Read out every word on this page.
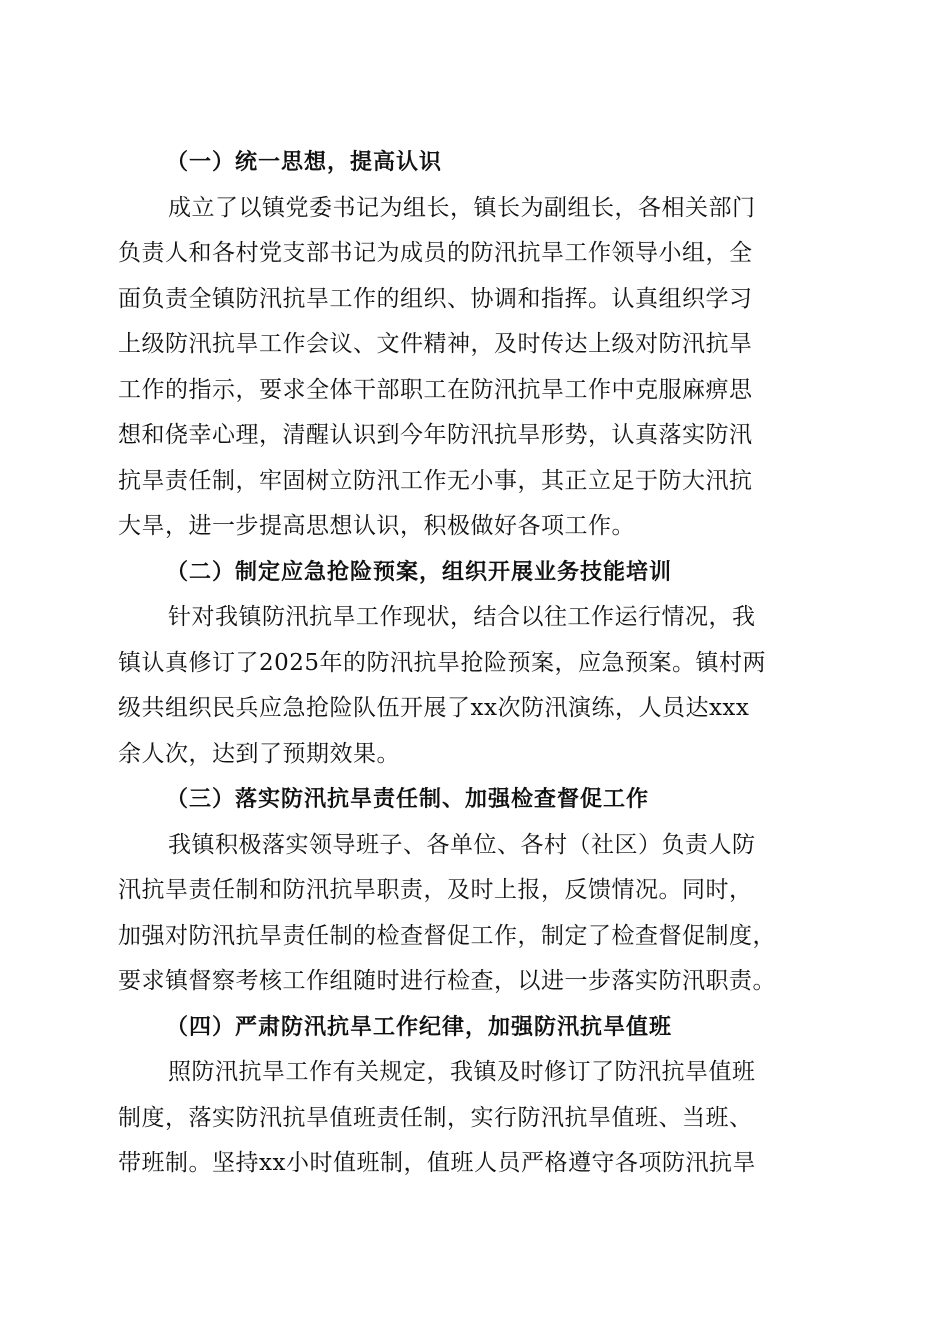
（一）统一思想，提高认识

成立了以镇党委书记为组长，镇长为副组长，各相关部门
负责人和各村党支部书记为成员的防汛抗旱工作领导小组，全
面负责全镇防汛抗旱工作的组织、协调和指挥。认真组织学习
上级防汛抗旱工作会议、文件精神，及时传达上级对防汛抗旱
工作的指示，要求全体干部职工在防汛抗旱工作中克服麻痹思
想和侥幸心理，清醒认识到今年防汛抗旱形势，认真落实防汛
抗旱责任制，牢固树立防汛工作无小事，其正立足于防大汛抗
大旱，进一步提高思想认识，积极做好各项工作。

（二）制定应急抢险预案，组织开展业务技能培训

针对我镇防汛抗旱工作现状，结合以往工作运行情况，我
镇认真修订了2025年的防汛抗旱抢险预案，应急预案。镇村两
级共组织民兵应急抢险队伍开展了xx次防汛演练，人员达xxx
余人次，达到了预期效果。

（三）落实防汛抗旱责任制、加强检查督促工作

我镇积极落实领导班子、各单位、各村（社区）负责人防
汛抗旱责任制和防汛抗旱职责，及时上报，反馈情况。同时，
加强对防汛抗旱责任制的检查督促工作，制定了检查督促制度，
要求镇督察考核工作组随时进行检查，以进一步落实防汛职责。

（四）严肃防汛抗旱工作纪律，加强防汛抗旱值班

照防汛抗旱工作有关规定，我镇及时修订了防汛抗旱值班
制度，落实防汛抗旱值班责任制，实行防汛抗旱值班、当班、
带班制。坚持xx小时值班制，值班人员严格遵守各项防汛抗旱
